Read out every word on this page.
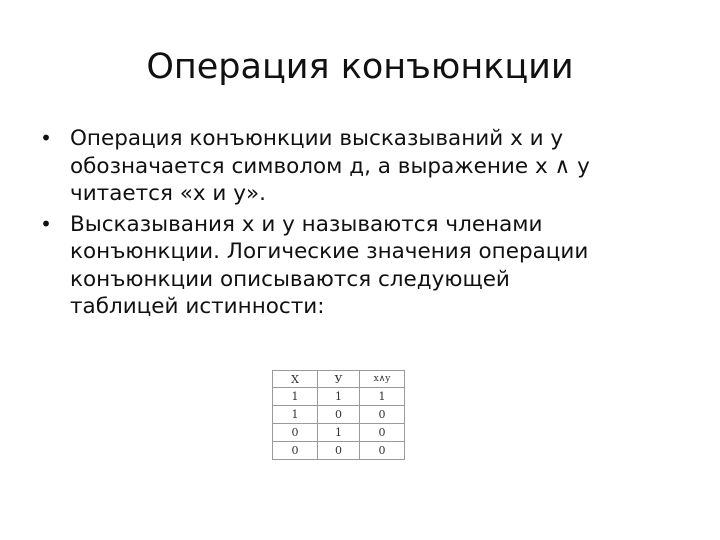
Операция конъюнкции
• Операция конъюнкции высказываний х и у
обозначается символом д, а выражение х ∧ у
читается «х и у».
• Высказывания х и у называются членами
конъюнкции. Логические значения операции
конъюнкции описываются следующей
таблицей истинности:
X	У	x∧y
1	1	1
1	0	0
0	1	0
0	0	0
